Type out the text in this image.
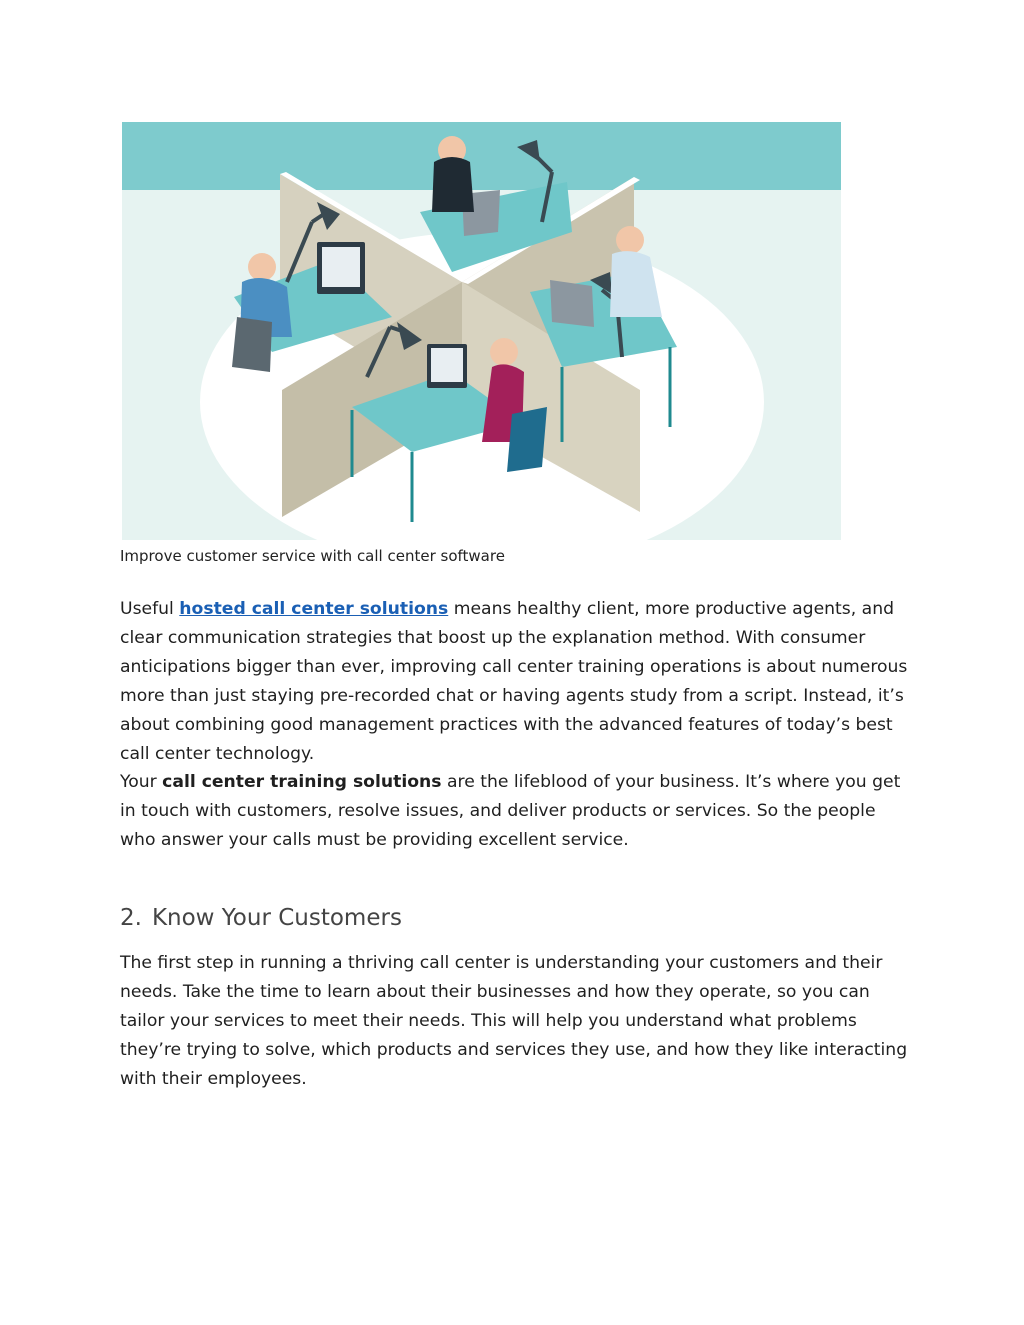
Improve customer service with call center software

Useful hosted call center solutions means healthy client, more productive agents, and clear communication strategies that boost up the explanation method. With consumer anticipations bigger than ever, improving call center training operations is about numerous more than just staying pre-recorded chat or having agents study from a script. Instead, it’s about combining good management practices with the advanced features of today’s best call center technology.

Your call center training solutions are the lifeblood of your business. It’s where you get in touch with customers, resolve issues, and deliver products or services. So the people who answer your calls must be providing excellent service.

2. Know Your Customers

The first step in running a thriving call center is understanding your customers and their needs. Take the time to learn about their businesses and how they operate, so you can tailor your services to meet their needs. This will help you understand what problems they’re trying to solve, which products and services they use, and how they like interacting with their employees.
